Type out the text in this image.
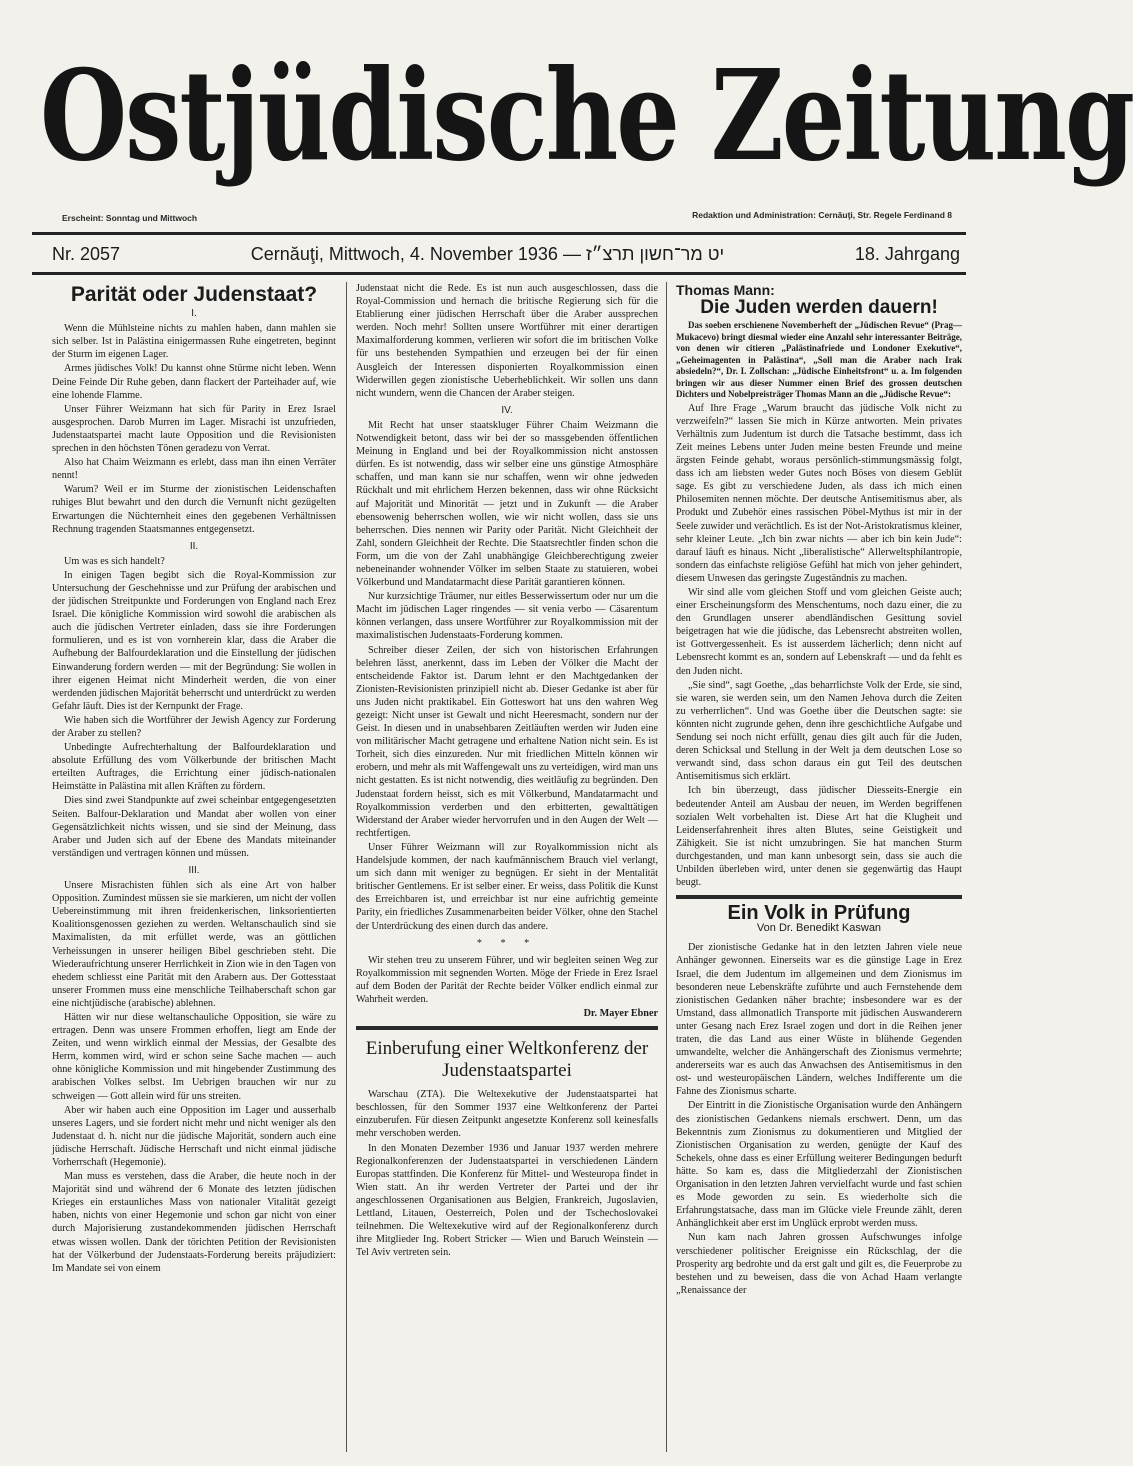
Ostjüdische Zeitung
Erscheint: Sonntag und Mittwoch	Redaktion und Administration: Cernăuţi, Str. Regele Ferdinand 8
Nr. 2057	Cernăuţi, Mittwoch, 4. November 1936 — יט מר־חשון תרצ״ז	18. Jahrgang
Parität oder Judenstaat?
I.

Wenn die Mühlsteine nichts zu mahlen haben, dann mahlen sie sich selber. Ist in Palästina einigermassen Ruhe eingetreten, beginnt der Sturm im eigenen Lager.

Armes jüdisches Volk! Du kannst ohne Stürme nicht leben. Wenn Deine Feinde Dir Ruhe geben, dann flackert der Parteihader auf, wie eine lohende Flamme.

Unser Führer Weizmann hat sich für Parity in Erez Israel ausgesprochen. Darob Murren im Lager. Misrachi ist unzufrieden, Judenstaatspartei macht laute Opposition und die Revisionisten sprechen in den höchsten Tönen geradezu von Verrat.

Also hat Chaim Weizmann es erlebt, dass man ihn einen Verräter nennt!

Warum? Weil er im Sturme der zionistischen Leidenschaften ruhiges Blut bewahrt und den durch die Vernunft nicht gezügelten Erwartungen die Nüchternheit eines den gegebenen Verhältnissen Rechnung tragenden Staatsmannes entgegensetzt.

II.

Um was es sich handelt?

In einigen Tagen begibt sich die Royal-Kommission zur Untersuchung der Geschehnisse und zur Prüfung der arabischen und der jüdischen Streitpunkte und Forderungen von England nach Erez Israel. Die königliche Kommission wird sowohl die arabischen als auch die jüdischen Vertreter einladen, dass sie ihre Forderungen formulieren, und es ist von vornherein klar, dass die Araber die Aufhebung der Balfourdeklaration und die Einstellung der jüdischen Einwanderung fordern werden — mit der Begründung: Sie wollen in ihrer eigenen Heimat nicht Minderheit werden, die von einer werdenden jüdischen Majorität beherrscht und unterdrückt zu werden Gefahr läuft. Dies ist der Kernpunkt der Frage.

Wie haben sich die Wortführer der Jewish Agency zur Forderung der Araber zu stellen?

Unbedingte Aufrechterhaltung der Balfourdeklaration und absolute Erfüllung des vom Völkerbunde der britischen Macht erteilten Auftrages, die Errichtung einer jüdisch-nationalen Heimstätte in Palästina mit allen Kräften zu fördern.

Dies sind zwei Standpunkte auf zwei scheinbar entgegengesetzten Seiten. Balfour-Deklaration und Mandat aber wollen von einer Gegensätzlichkeit nichts wissen, und sie sind der Meinung, dass Araber und Juden sich auf der Ebene des Mandats miteinander verständigen und vertragen können und müssen.

III.

Unsere Misrachisten fühlen sich als eine Art von halber Opposition. Zumindest müssen sie sie markieren, um nicht der vollen Uebereinstimmung mit ihren freidenkerischen, linksorientierten Koalitionsgenossen geziehen zu werden. Weltanschaulich sind sie Maximalisten, da mit erfüllet werde, was an göttlichen Verheissungen in unserer heiligen Bibel geschrieben steht. Die Wiederaufrichtung unserer Herrlichkeit in Zion wie in den Tagen von ehedem schliesst eine Parität mit den Arabern aus. Der Gottesstaat unserer Frommen muss eine menschliche Teilhaberschaft schon gar eine nichtjüdische (arabische) ablehnen.

Hätten wir nur diese weltanschauliche Opposition, sie wäre zu ertragen. Denn was unsere Frommen erhoffen, liegt am Ende der Zeiten, und wenn wirklich einmal der Messias, der Gesalbte des Herrn, kommen wird, wird er schon seine Sache machen — auch ohne königliche Kommission und mit hingebender Zustimmung des arabischen Volkes selbst. Im Uebrigen brauchen wir nur zu schweigen — Gott allein wird für uns streiten.

Aber wir haben auch eine Opposition im Lager und ausserhalb unseres Lagers, und sie fordert nicht mehr und nicht weniger als den Judenstaat d. h. nicht nur die jüdische Majorität, sondern auch eine jüdische Herrschaft. Jüdische Herrschaft und nicht einmal jüdische Vorherrschaft (Hegemonie).

Man muss es verstehen, dass die Araber, die heute noch in der Majorität sind und während der 6 Monate des letzten jüdischen Krieges ein erstaunliches Mass von nationaler Vitalität gezeigt haben, nichts von einer Hegemonie und schon gar nicht von einer durch Majorisierung zustandekommenden jüdischen Herrschaft etwas wissen wollen. Dank der törichten Petition der Revisionisten hat der Völkerbund der Judenstaats-Forderung bereits präjudiziert: Im Mandate sei von einem

Judenstaat nicht die Rede. Es ist nun auch ausgeschlossen, dass die Royal-Commission und hernach die britische Regierung sich für die Etablierung einer jüdischen Herrschaft über die Araber aussprechen werden. Noch mehr! Sollten unsere Wortführer mit einer derartigen Maximalforderung kommen, verlieren wir sofort die im britischen Volke für uns bestehenden Sympathien und erzeugen bei der für einen Ausgleich der Interessen disponierten Royalkommission einen Widerwillen gegen zionistische Ueberheblichkeit. Wir sollen uns dann nicht wundern, wenn die Chancen der Araber steigen.

IV.

Mit Recht hat unser staatskluger Führer Chaim Weizmann die Notwendigkeit betont, dass wir bei der so massgebenden öffentlichen Meinung in England und bei der Royalkommission nicht anstossen dürfen. Es ist notwendig, dass wir selber eine uns günstige Atmosphäre schaffen, und man kann sie nur schaffen, wenn wir ohne jedweden Rückhalt und mit ehrlichem Herzen bekennen, dass wir ohne Rücksicht auf Majorität und Minorität — jetzt und in Zukunft — die Araber ebensowenig beherrschen wollen, wie wir nicht wollen, dass sie uns beherrschen. Dies nennen wir Parity oder Parität. Nicht Gleichheit der Zahl, sondern Gleichheit der Rechte. Die Staatsrechtler finden schon die Form, um die von der Zahl unabhängige Gleichberechtigung zweier nebeneinander wohnender Völker im selben Staate zu statuieren, wobei Völkerbund und Mandatarmacht diese Parität garantieren können.

Nur kurzsichtige Träumer, nur eitles Besserwissertum oder nur um die Macht im jüdischen Lager ringendes — sit venia verbo — Cäsarentum können verlangen, dass unsere Wortführer zur Royalkommission mit der maximalistischen Judenstaats-Forderung kommen.

Schreiber dieser Zeilen, der sich von historischen Erfahrungen belehren lässt, anerkennt, dass im Leben der Völker die Macht der entscheidende Faktor ist. Darum lehnt er den Machtgedanken der Zionisten-Revisionisten prinzipiell nicht ab. Dieser Gedanke ist aber für uns Juden nicht praktikabel. Ein Gotteswort hat uns den wahren Weg gezeigt: Nicht unser ist Gewalt und nicht Heeresmacht, sondern nur der Geist. In diesen und in unabsehbaren Zeitläuften werden wir Juden eine von militärischer Macht getragene und erhaltene Nation nicht sein. Es ist Torheit, sich dies einzureden. Nur mit friedlichen Mitteln können wir erobern, und mehr als mit Waffengewalt uns zu verteidigen, wird man uns nicht gestatten. Es ist nicht notwendig, dies weitläufig zu begründen. Den Judenstaat fordern heisst, sich es mit Völkerbund, Mandatarmacht und Royalkommission verderben und den erbitterten, gewalttätigen Widerstand der Araber wieder hervorrufen und in den Augen der Welt — rechtfertigen.

Unser Führer Weizmann will zur Royalkommission nicht als Handelsjude kommen, der nach kaufmännischem Brauch viel verlangt, um sich dann mit weniger zu begnügen. Er sieht in der Mentalität britischer Gentlemens. Er ist selber einer. Er weiss, dass Politik die Kunst des Erreichbaren ist, und erreichbar ist nur eine aufrichtig gemeinte Parity, ein friedliches Zusammenarbeiten beider Völker, ohne den Stachel der Unterdrückung des einen durch das andere.

* * *

Wir stehen treu zu unserem Führer, und wir begleiten seinen Weg zur Royalkommission mit segnenden Worten. Möge der Friede in Erez Israel auf dem Boden der Parität der Rechte beider Völker endlich einmal zur Wahrheit werden.

Dr. Mayer Ebner
Einberufung einer Weltkonferenz der Judenstaatspartei

Warschau (ZTA). Die Weltexekutive der Judenstaatspartei hat beschlossen, für den Sommer 1937 eine Weltkonferenz der Partei einzuberufen. Für diesen Zeitpunkt angesetzte Konferenz soll keinesfalls mehr verschoben werden.

In den Monaten Dezember 1936 und Januar 1937 werden mehrere Regionalkonferenzen der Judenstaatspartei in verschiedenen Ländern Europas stattfinden. Die Konferenz für Mittel- und Westeuropa findet in Wien statt. An ihr werden Vertreter der Partei und der ihr angeschlossenen Organisationen aus Belgien, Frankreich, Jugoslavien, Lettland, Litauen, Oesterreich, Polen und der Tschechoslovakei teilnehmen. Die Weltexekutive wird auf der Regionalkonferenz durch ihre Mitglieder Ing. Robert Stricker — Wien und Baruch Weinstein — Tel Aviv vertreten sein.

Thomas Mann:
Die Juden werden dauern!

Das soeben erschienene Novemberheft der „Jüdischen Revue“ (Prag—Mukacevo) bringt diesmal wieder eine Anzahl sehr interessanter Beiträge, von denen wir citieren „Palästinafriede und Londoner Exekutive“, „Geheimagenten in Palästina“, „Soll man die Araber nach Irak absiedeln?“, Dr. I. Zollschan: „Jüdische Einheitsfront“ u. a. Im folgenden bringen wir aus dieser Nummer einen Brief des grossen deutschen Dichters und Nobelpreisträger Thomas Mann an die „Jüdische Revue“:

Auf Ihre Frage „Warum braucht das jüdische Volk nicht zu verzweifeln?“ lassen Sie mich in Kürze antworten. Mein privates Verhältnis zum Judentum ist durch die Tatsache bestimmt, dass ich Zeit meines Lebens unter Juden meine besten Freunde und meine ärgsten Feinde gehabt, woraus persönlich-stimmungsmässig folgt, dass ich am liebsten weder Gutes noch Böses von diesem Geblüt sage. Es gibt zu verschiedene Juden, als dass ich mich einen Philosemiten nennen möchte. Der deutsche Antisemitismus aber, als Produkt und Zubehör eines rassischen Pöbel-Mythus ist mir in der Seele zuwider und verächtlich. Es ist der Not-Aristokratismus kleiner, sehr kleiner Leute. „Ich bin zwar nichts — aber ich bin kein Jude“: darauf läuft es hinaus. Nicht „liberalistische“ Allerweltsphilantropie, sondern das einfachste religiöse Gefühl hat mich von jeher gehindert, diesem Unwesen das geringste Zugeständnis zu machen.

Wir sind alle vom gleichen Stoff und vom gleichen Geiste auch; einer Erscheinungsform des Menschentums, noch dazu einer, die zu den Grundlagen unserer abendländischen Gesittung soviel beigetragen hat wie die jüdische, das Lebensrecht abstreiten wollen, ist Gottvergessenheit. Es ist ausserdem lächerlich; denn nicht auf Lebensrecht kommt es an, sondern auf Lebenskraft — und da fehlt es den Juden nicht.

„Sie sind“, sagt Goethe, „das beharrlichste Volk der Erde, sie sind, sie waren, sie werden sein, um den Namen Jehova durch die Zeiten zu verherrlichen“. Und was Goethe über die Deutschen sagte: sie könnten nicht zugrunde gehen, denn ihre geschichtliche Aufgabe und Sendung sei noch nicht erfüllt, genau dies gilt auch für die Juden, deren Schicksal und Stellung in der Welt ja dem deutschen Lose so verwandt sind, dass schon daraus ein gut Teil des deutschen Antisemitismus sich erklärt.

Ich bin überzeugt, dass jüdischer Diesseits-Energie ein bedeutender Anteil am Ausbau der neuen, im Werden begriffenen sozialen Welt vorbehalten ist. Diese Art hat die Klugheit und Leidenserfahrenheit ihres alten Blutes, seine Geistigkeit und Zähigkeit. Sie ist nicht umzubringen. Sie hat manchen Sturm durchgestanden, und man kann unbesorgt sein, dass sie auch die Unbilden überleben wird, unter denen sie gegenwärtig das Haupt beugt.

Ein Volk in Prüfung
Von Dr. Benedikt Kaswan

Der zionistische Gedanke hat in den letzten Jahren viele neue Anhänger gewonnen. Einerseits war es die günstige Lage in Erez Israel, die dem Judentum im allgemeinen und dem Zionismus im besonderen neue Lebenskräfte zuführte und auch Fernstehende dem zionistischen Gedanken näher brachte; insbesondere war es der Umstand, dass allmonatlich Transporte mit jüdischen Auswanderern unter Gesang nach Erez Israel zogen und dort in die Reihen jener traten, die das Land aus einer Wüste in blühende Gegenden umwandelte, welcher die Anhängerschaft des Zionismus vermehrte; andererseits war es auch das Anwachsen des Antisemitismus in den ost- und westeuropäischen Ländern, welches Indifferente um die Fahne des Zionismus scharte.

Der Eintritt in die Zionistische Organisation wurde den Anhängern des zionistischen Gedankens niemals erschwert. Denn, um das Bekenntnis zum Zionismus zu dokumentieren und Mitglied der Zionistischen Organisation zu werden, genügte der Kauf des Schekels, ohne dass es einer Erfüllung weiterer Bedingungen bedurft hätte. So kam es, dass die Mitgliederzahl der Zionistischen Organisation in den letzten Jahren vervielfacht wurde und fast schien es Mode geworden zu sein. Es wiederholte sich die Erfahrungstatsache, dass man im Glücke viele Freunde zählt, deren Anhänglichkeit aber erst im Unglück erprobt werden muss.

Nun kam nach Jahren grossen Aufschwunges infolge verschiedener politischer Ereignisse ein Rückschlag, der die Prosperity arg bedrohte und da erst galt und gilt es, die Feuerprobe zu bestehen und zu beweisen, dass die von Achad Haam verlangte „Renaissance der
